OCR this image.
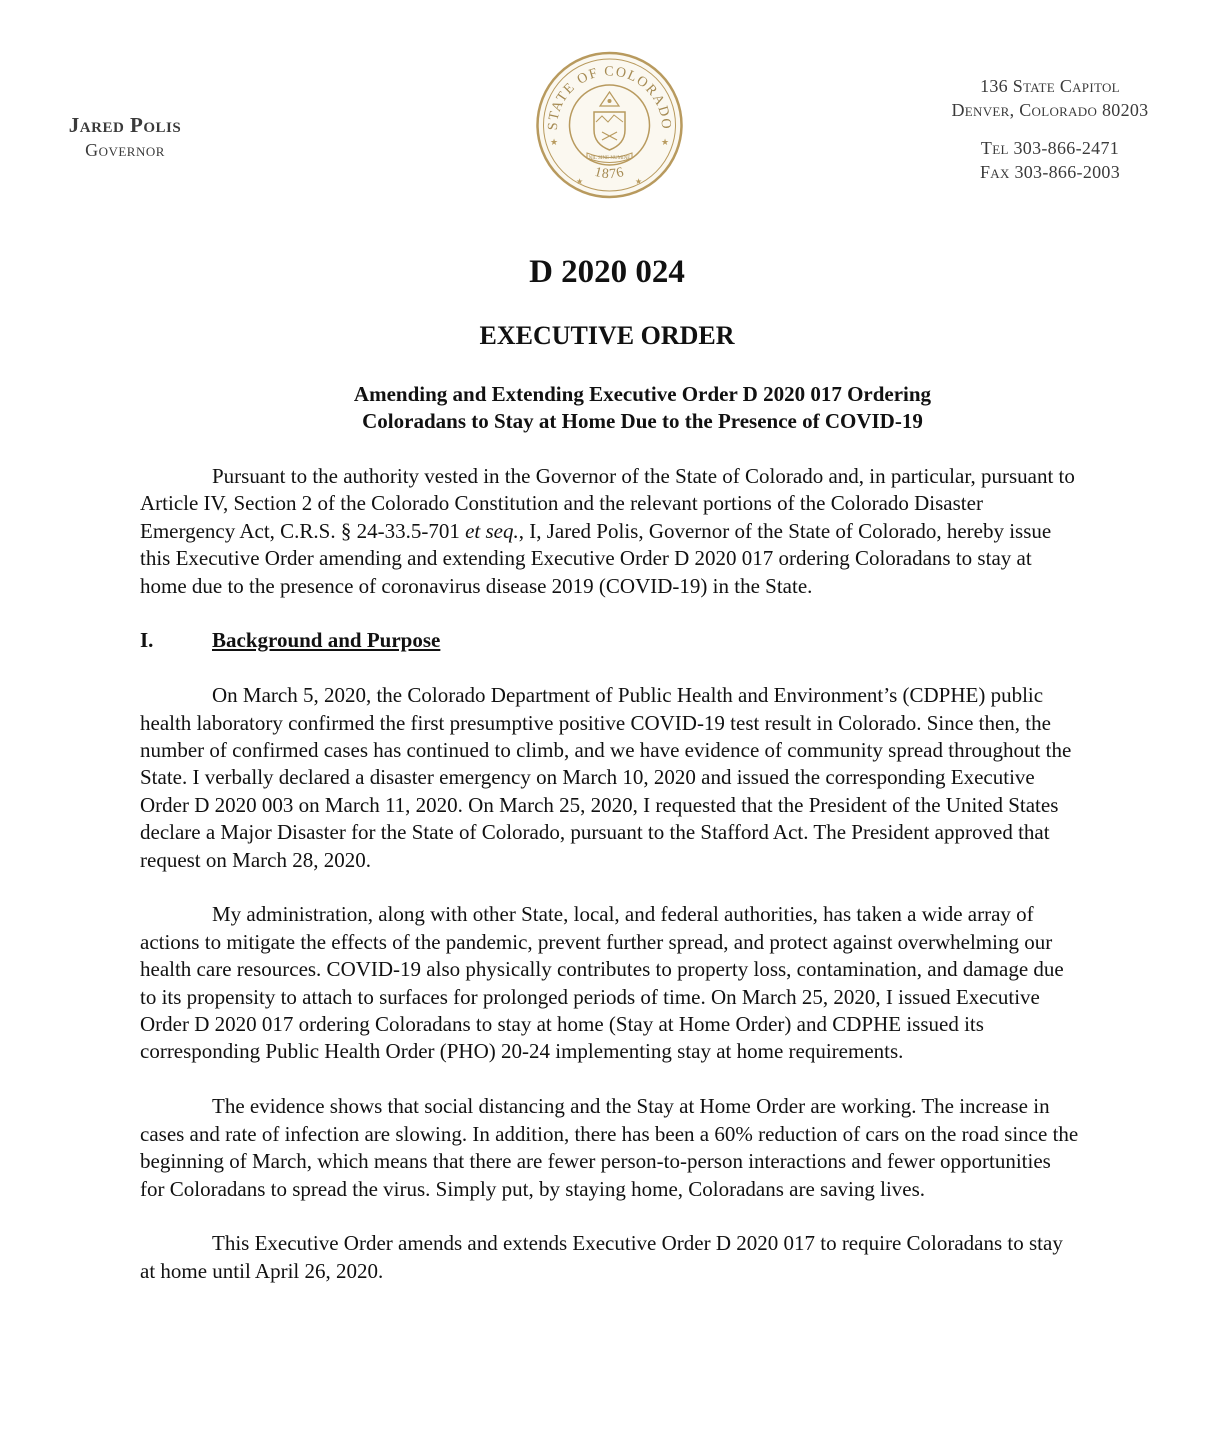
Jared Polis
Governor
STATE OF COLORADO
1876
NIL SINE NUMINE
★	★
★	★
136 State Capitol
Denver, Colorado 80203
Tel 303-866-2471
Fax 303-866-2003
D 2020 024
EXECUTIVE ORDER
Amending and Extending Executive Order D 2020 017 Ordering
Coloradans to Stay at Home Due to the Presence of COVID-19

Pursuant to the authority vested in the Governor of the State of Colorado and, in particular, pursuant to Article IV, Section 2 of the Colorado Constitution and the relevant portions of the Colorado Disaster Emergency Act, C.R.S. § 24-33.5-701 et seq., I, Jared Polis, Governor of the State of Colorado, hereby issue this Executive Order amending and extending Executive Order D 2020 017 ordering Coloradans to stay at home due to the presence of coronavirus disease 2019 (COVID-19) in the State.

I.	Background and Purpose

On March 5, 2020, the Colorado Department of Public Health and Environment’s (CDPHE) public health laboratory confirmed the first presumptive positive COVID-19 test result in Colorado. Since then, the number of confirmed cases has continued to climb, and we have evidence of community spread throughout the State. I verbally declared a disaster emergency on March 10, 2020 and issued the corresponding Executive Order D 2020 003 on March 11, 2020. On March 25, 2020, I requested that the President of the United States declare a Major Disaster for the State of Colorado, pursuant to the Stafford Act. The President approved that request on March 28, 2020.

My administration, along with other State, local, and federal authorities, has taken a wide array of actions to mitigate the effects of the pandemic, prevent further spread, and protect against overwhelming our health care resources. COVID-19 also physically contributes to property loss, contamination, and damage due to its propensity to attach to surfaces for prolonged periods of time. On March 25, 2020, I issued Executive Order D 2020 017 ordering Coloradans to stay at home (Stay at Home Order) and CDPHE issued its corresponding Public Health Order (PHO) 20-24 implementing stay at home requirements.

The evidence shows that social distancing and the Stay at Home Order are working. The increase in cases and rate of infection are slowing. In addition, there has been a 60% reduction of cars on the road since the beginning of March, which means that there are fewer person-to-person interactions and fewer opportunities for Coloradans to spread the virus. Simply put, by staying home, Coloradans are saving lives.

This Executive Order amends and extends Executive Order D 2020 017 to require Coloradans to stay at home until April 26, 2020.
